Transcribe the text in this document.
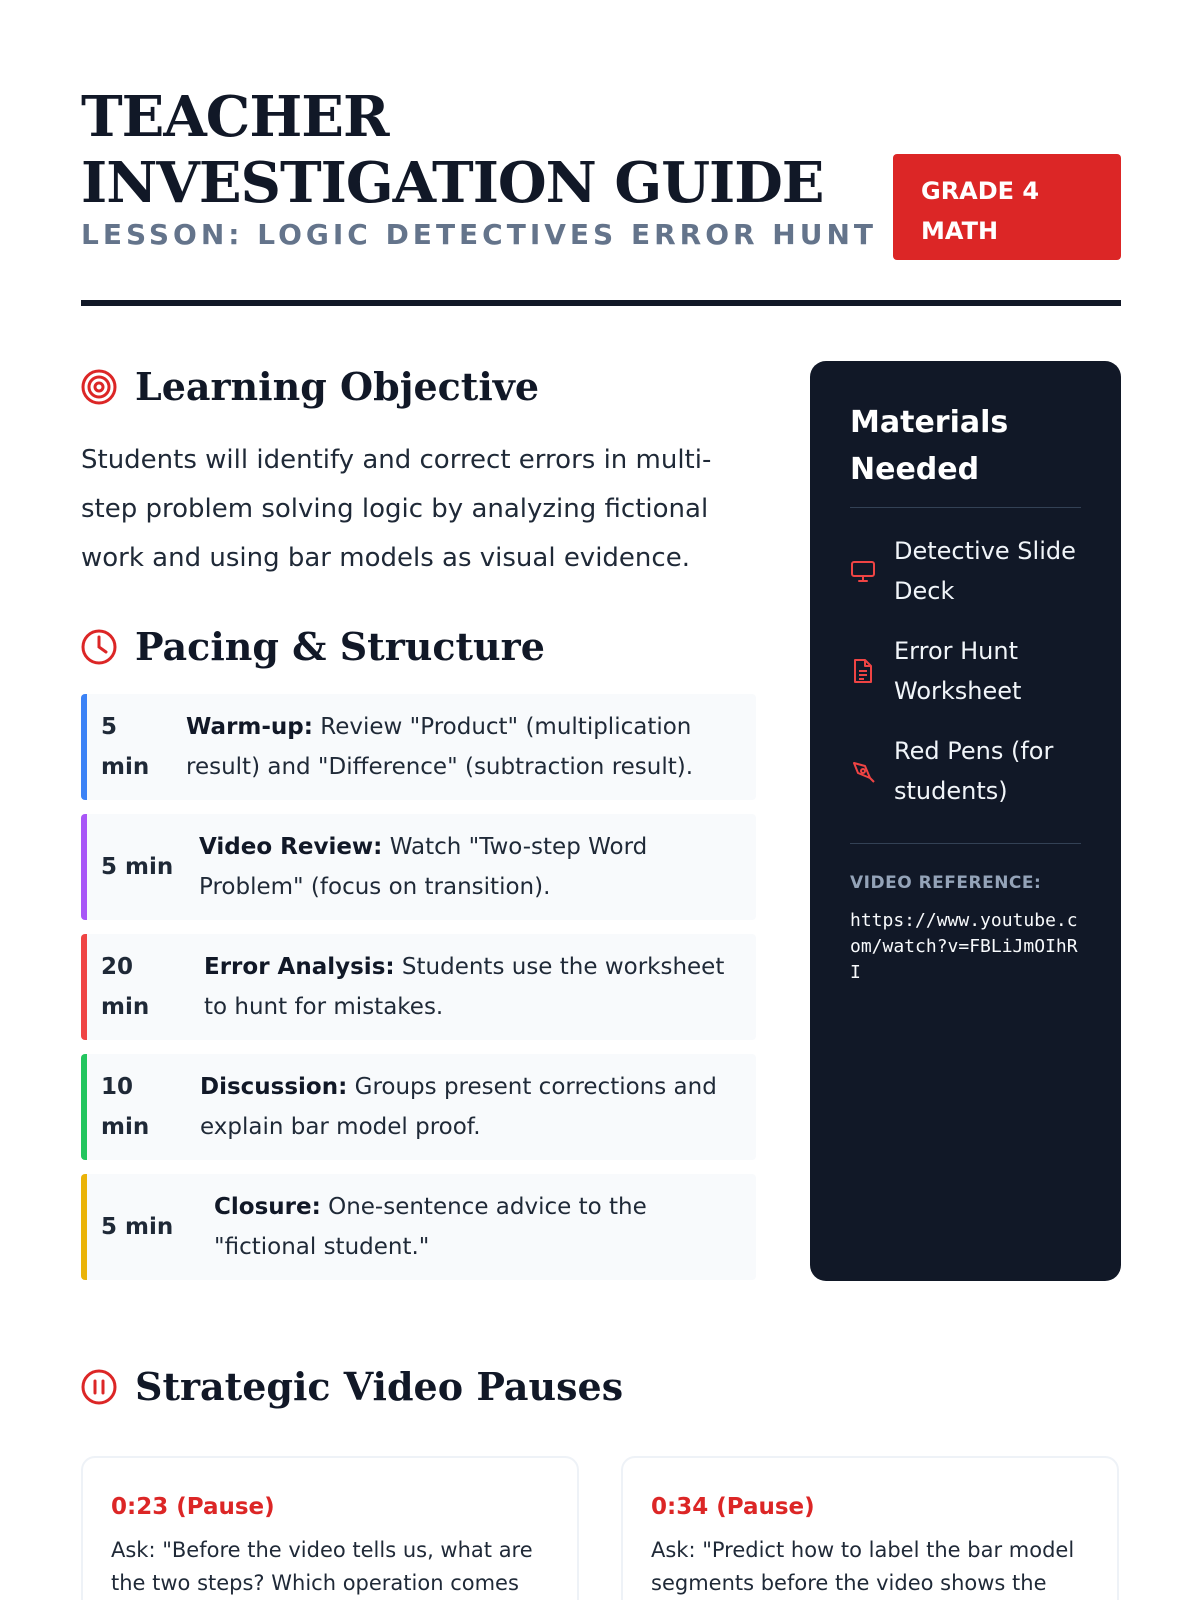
TEACHER INVESTIGATION GUIDE
LESSON: LOGIC DETECTIVES ERROR HUNT
GRADE 4
MATH
Learning Objective

Students will identify and correct errors in multi-step problem solving logic by analyzing fictional work and using bar models as visual evidence.

Pacing & Structure
5 min
Warm-up: Review "Product" (multiplication result) and "Difference" (subtraction result).
5 min
Video Review: Watch "Two-step Word Problem" (focus on transition).
20 min
Error Analysis: Students use the worksheet to hunt for mistakes.
10 min
Discussion: Groups present corrections and explain bar model proof.
5 min
Closure: One-sentence advice to the "fictional student."
Materials Needed
Detective Slide Deck
Error Hunt Worksheet
Red Pens (for students)
VIDEO REFERENCE:
https://www.youtube.com/watch?v=FBLiJmOIhRI
Strategic Video Pauses
0:23 (Pause)
Ask: "Before the video tells us, what are the two steps? Which operation comes
0:34 (Pause)
Ask: "Predict how to label the bar model segments before the video shows the
